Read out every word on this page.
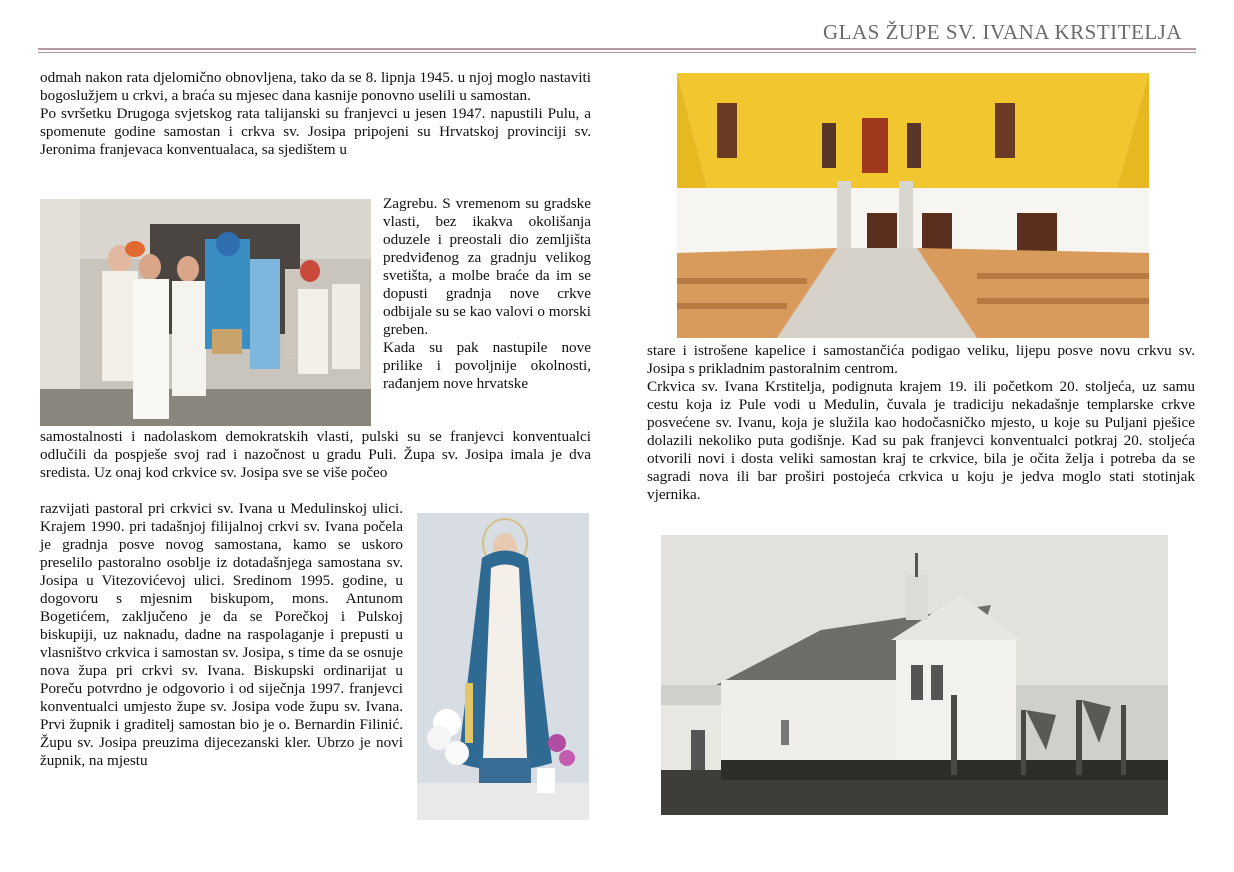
GLAS ŽUPE SV. IVANA KRSTITELJA

odmah nakon rata djelomično obnovljena, tako da se 8. lipnja 1945. u njoj moglo nastaviti bogoslužjem u crkvi, a braća su mjesec dana kasnije ponovno uselili u samostan.

Po svršetku Drugoga svjetskog rata talijanski su franjevci u jesen 1947. napustili Pulu, a spomenute godine samostan i crkva sv. Josipa pripojeni su Hrvatskoj provinciji sv. Jeronima franjevaca konventualaca, sa sjedištem u

Zagrebu. S vremenom su gradske vlasti, bez ikakva okolišanja oduzele i preostali dio zemljišta predviđenog za gradnju velikog svetišta, a molbe braće da im se dopusti gradnja nove crkve odbijale su se kao valovi o morski greben.

Kada su pak nastupile nove prilike i povoljnije okolnosti, rađanjem nove hrvatske

samostalnosti i nadolaskom demokratskih vlasti, pulski su se franjevci konventualci odlučili da pospješe svoj rad i nazočnost u gradu Puli. Župa sv. Josipa imala je dva sredista. Uz onaj kod crkvice sv. Josipa sve se više počeo

razvijati pastoral pri crkvici sv. Ivana u Medulinskoj ulici. Krajem 1990. pri tadašnjoj filijalnoj crkvi sv. Ivana počela je gradnja posve novog samostana, kamo se uskoro preselilo pastoralno osoblje iz dotadašnjega samostana sv. Josipa u Vitezovićevoj ulici. Sredinom 1995. godine, u dogovoru s mjesnim biskupom, mons. Antunom Bogetićem, zaključeno je da se Porečkoj i Pulskoj biskupiji, uz naknadu, dadne na raspolaganje i prepusti u vlasništvo crkvica i samostan sv. Josipa, s time da se osnuje nova župa pri crkvi sv. Ivana. Biskupski ordinarijat u Poreču potvrdno je odgovorio i od siječnja 1997. franjevci konventualci umjesto župe sv. Josipa vode župu sv. Ivana. Prvi župnik i graditelj samostan bio je o. Bernardin Filinić. Župu sv. Josipa preuzima dijecezanski kler. Ubrzo je novi župnik, na mjestu

stare i istrošene kapelice i samostančića podigao veliku, lijepu posve novu crkvu sv. Josipa s prikladnim pastoralnim centrom.

Crkvica sv. Ivana Krstitelja, podignuta krajem 19. ili početkom 20. stoljeća, uz samu cestu koja iz Pule vodi u Medulin, čuvala je tradiciju nekadašnje templarske crkve posvećene sv. Ivanu, koja je služila kao hodočasničko mjesto, u koje su Puljani pješice dolazili nekoliko puta godišnje. Kad su pak franjevci konventualci potkraj 20. stoljeća otvorili novi i dosta veliki samostan kraj te crkvice, bila je očita želja i potreba da se sagradi nova ili bar proširi postojeća crkvica u koju je jedva moglo stati stotinjak vjernika.
